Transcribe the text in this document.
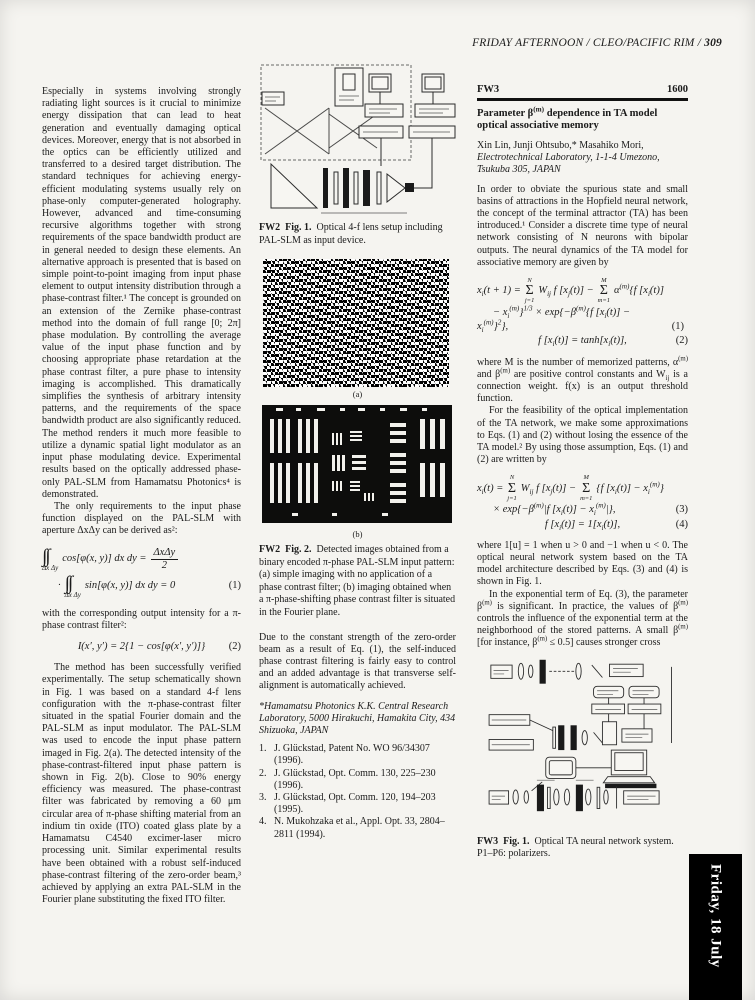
FRIDAY AFTERNOON / CLEO/PACIFIC RIM / 309

Especially in systems involving strongly radiating light sources is it crucial to minimize energy dissipation that can lead to heat generation and eventually damaging optical devices. Moreover, energy that is not absorbed in the optics can be efficiently utilized and transferred to a desired target distribution. The standard techniques for achieving energy-efficient modulating systems usually rely on phase-only computer-generated holography. However, advanced and time-consuming recursive algorithms together with strong requirements of the space bandwidth product are in general needed to design these elements. An alternative approach is presented that is based on simple point-to-point imaging from input phase element to output intensity distribution through a phase-contrast filter.¹ The concept is grounded on an extension of the Zernike phase-contrast method into the domain of full range [0; 2π] phase modulation. By controlling the average value of the input phase function and by choosing appropriate phase retardation at the phase contrast filter, a pure phase to intensity imaging is accomplished. This dramatically simplifies the synthesis of arbitrary intensity patterns, and the requirements of the space bandwidth product are also significantly reduced. The method renders it much more feasible to utilize a dynamic spatial light modulator as an input phase modulating device. Experimental results based on the optically addressed phase-only PAL-SLM from Hamamatsu Photonics⁴ is demonstrated.

The only requirements to the input phase function displayed on the PAL-SLM with aperture ΔxΔy can be derived as²:

∫∫
Δx Δy
cos[φ(x, y)] dx dy = $\frac{\text{ΔxΔy}}{2}$
· ∫∫
Δx Δy
sin[φ(x, y)] dx dy = 0	(1)

with the corresponding output intensity for a π-phase contrast filter²:

I(x′, y′) = 2{1 − cos[φ(x′, y′)]} (2)

The method has been successfully verified experimentally. The setup schematically shown in Fig. 1 was based on a standard 4-f lens configuration with the π-phase-contrast filter situated in the spatial Fourier domain and the PAL-SLM as input modulator. The PAL-SLM was used to encode the input phase pattern imaged in Fig. 2(a). The detected intensity of the phase-contrast-filtered input phase pattern is shown in Fig. 2(b). Close to 90% energy efficiency was measured. The phase-contrast filter was fabricated by removing a 60 μm circular area of π-phase shifting material from an indium tin oxide (ITO) coated glass plate by a Hamamatsu C4540 excimer-laser micro processing unit. Similar experimental results have been obtained with a robust self-induced phase-contrast filtering of the zero-order beam,³ achieved by applying an extra PAL-SLM in the Fourier plane substituting the fixed ITO filter.

FW2 Fig. 1. Optical 4-f lens setup including PAL-SLM as input device.

(a)

(b)

FW2 Fig. 2. Detected images obtained from a binary encoded π-phase PAL-SLM input pattern: (a) simple imaging with no application of a phase contrast filter; (b) imaging obtained when a π-phase-shifting phase contrast filter is situated in the Fourier plane.

Due to the constant strength of the zero-order beam as a result of Eq. (1), the self-induced phase contrast filtering is fairly easy to control and an added advantage is that transverse self-alignment is automatically achieved.

*Hamamatsu Photonics K.K. Central Research Laboratory, 5000 Hirakuchi, Hamakita City, 434 Shizuoka, JAPAN

1. J. Glückstad, Patent No. WO 96/34307 (1996).
2. J. Glückstad, Opt. Comm. 130, 225–230 (1996).
3. J. Glückstad, Opt. Comm. 120, 194–203 (1995).
4. N. Mukohzaka et al., Appl. Opt. 33, 2804–2811 (1994).
FW3	1600

Parameter $\beta^{(m)}$ dependence in TA model optical associative memory

Xin Lin, Junji Ohtsubo,* Masahiko Mori,

Electrotechnical Laboratory, 1-1-4 Umezono, Tsukuba 305, JAPAN

In order to obviate the spurious state and small basins of attractions in the Hopfield neural network, the concept of the terminal attractor (TA) has been introduced.¹ Consider a discrete time type of neural network consisting of N neurons with bipolar outputs. The neural dynamics of the TA model for associative memory are given by

$x_i(t + 1)$ =
N
Σ
j=1
$W_{ij}$ f $[x_j(t)]$ −
M
Σ
m=1
$\alpha^{(m)}\{f$ $[x_i(t)]$
− $x_i^{(m)}\}^{1/3} \times \exp\{-\beta^{(m)}\{f$ $[x_i(t)]$ −
$x_i^{(m)}\}^2$},	(1)
f $[x_i(t)] = \tanh[x_i(t)]$,	(2)

where M is the number of memorized patterns, $\alpha^{(m)}$ and $\beta^{(m)}$ are positive control constants and $W_{ij}$ is a connection weight. f(x) is an output threshold function.

For the feasibility of the optical implementation of the TA network, we make some approximations to Eqs. (1) and (2) without losing the essence of the TA model.² By using those assumption, Eqs. (1) and (2) are written by

$x_i(t)$ =
N
Σ
j=1
$W_{ij}$ f $[x_j(t)]$ −
M
Σ
m=1
{f $[x_i(t)] - x_i^{(m)}$}
× $\exp\{-\beta^{(m)}|f$ $[x_i(t)] - x_i^{(m)}|$},	(3)
f $[x_i(t)] = 1[x_i(t)]$,	(4)

where 1[u] = 1 when u > 0 and −1 when u < 0. The optical neural network system based on the TA model architecture described by Eqs. (3) and (4) is shown in Fig. 1.

In the exponential term of Eq. (3), the parameter $\beta^{(m)}$ is significant. In practice, the values of $\beta^{(m)}$ controls the influence of the exponential term at the neighborhood of the stored patterns. A small $\beta^{(m)}$ [for instance, $\beta^{(m)} \le 0.5$] causes stronger cross

FW3 Fig. 1. Optical TA neural network system. P1–P6: polarizers.

Friday, 18 July
